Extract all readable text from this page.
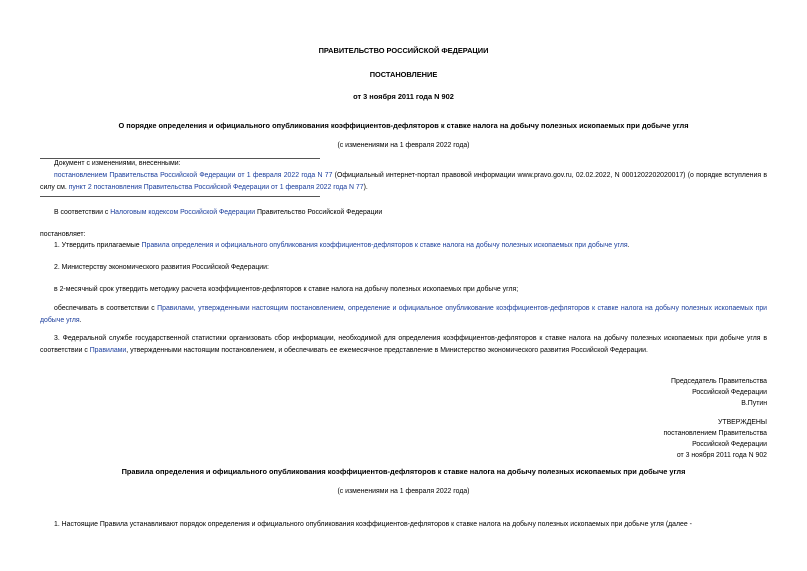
ПРАВИТЕЛЬСТВО РОССИЙСКОЙ ФЕДЕРАЦИИ
ПОСТАНОВЛЕНИЕ
от 3 ноября 2011 года N 902
О порядке определения и официального опубликования коэффициентов-дефляторов к ставке налога на добычу полезных ископаемых при добыче угля
(с изменениями на 1 февраля 2022 года)
Документ с изменениями, внесенными:
постановлением Правительства Российской Федерации от 1 февраля 2022 года N 77 (Официальный интернет-портал правовой информации www.pravo.gov.ru, 02.02.2022, N 0001202202020017) (о порядке вступления в силу см. пункт 2 постановления Правительства Российской Федерации от 1 февраля 2022 года N 77).
В соответствии с Налоговым кодексом Российской Федерации Правительство Российской Федерации
постановляет:
1. Утвердить прилагаемые Правила определения и официального опубликования коэффициентов-дефляторов к ставке налога на добычу полезных ископаемых при добыче угля.
2. Министерству экономического развития Российской Федерации:
в 2-месячный срок утвердить методику расчета коэффициентов-дефляторов к ставке налога на добычу полезных ископаемых при добыче угля;
обеспечивать в соответствии с Правилами, утвержденными настоящим постановлением, определение и официальное опубликование коэффициентов-дефляторов к ставке налога на добычу полезных ископаемых при добыче угля.
3. Федеральной службе государственной статистики организовать сбор информации, необходимой для определения коэффициентов-дефляторов к ставке налога на добычу полезных ископаемых при добыче угля в соответствии с Правилами, утвержденными настоящим постановлением, и обеспечивать ее ежемесячное представление в Министерство экономического развития Российской Федерации.
Председатель Правительства
Российской Федерации
В.Путин
УТВЕРЖДЕНЫ
постановлением Правительства
Российской Федерации
от 3 ноября 2011 года N 902
Правила определения и официального опубликования коэффициентов-дефляторов к ставке налога на добычу полезных ископаемых при добыче угля
(с изменениями на 1 февраля 2022 года)
1. Настоящие Правила устанавливают порядок определения и официального опубликования коэффициентов-дефляторов к ставке налога на добычу полезных ископаемых при добыче угля (далее -
